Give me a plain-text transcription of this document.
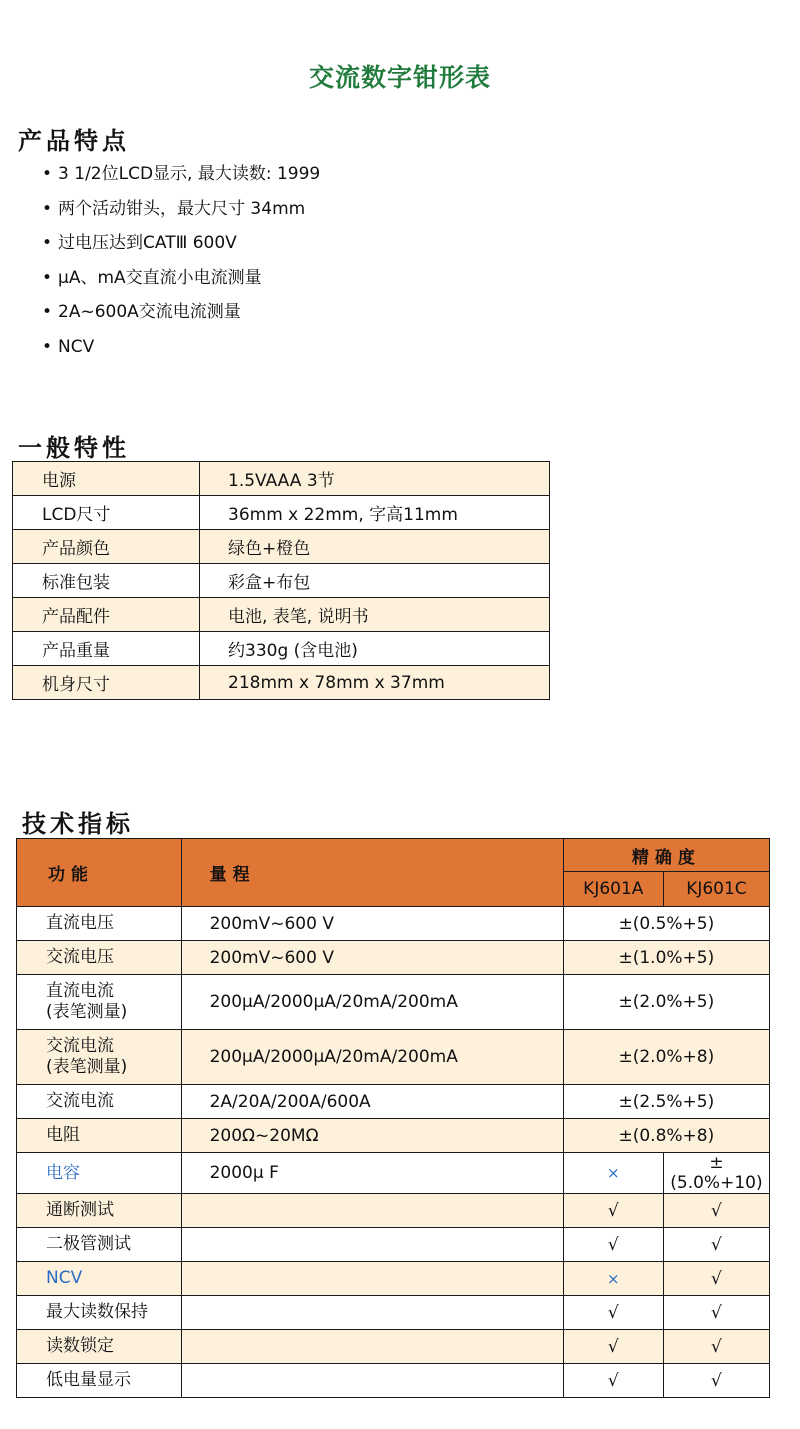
交流数字钳形表
产品特点
• 3 1/2位LCD显示, 最大读数: 1999
• 两个活动钳头，最大尺寸 34mm
• 过电压达到CATⅢ 600V
• μA、mA交直流小电流测量
• 2A~600A交流电流测量
• NCV
一般特性
电源	1.5VAAA 3节
LCD尺寸	36mm x 22mm, 字高11mm
产品颜色	绿色+橙色
标准包装	彩盒+布包
产品配件	电池, 表笔, 说明书
产品重量	约330g (含电池)
机身尺寸	218mm x 78mm x 37mm
技术指标
功能	量程	精确度	
		KJ601A	KJ601C
直流电压	200mV~600 V	±(0.5%+5)	
交流电压	200mV~600 V	±(1.0%+5)	

直流电流
(表笔测量)	200μA/2000μA/20mA/200mA	±(2.0%+5)	

交流电流
(表笔测量)	200μA/2000μA/20mA/200mA	±(2.0%+8)	
交流电流	2A/20A/200A/600A	±(2.5%+5)	
电阻	200Ω~20MΩ	±(0.8%+8)	
电容	2000μ F	×	±(5.0%+10)
通断测试		√	√
二极管测试		√	√
NCV		×	√
最大读数保持		√	√
读数锁定		√	√
低电量显示		√	√
